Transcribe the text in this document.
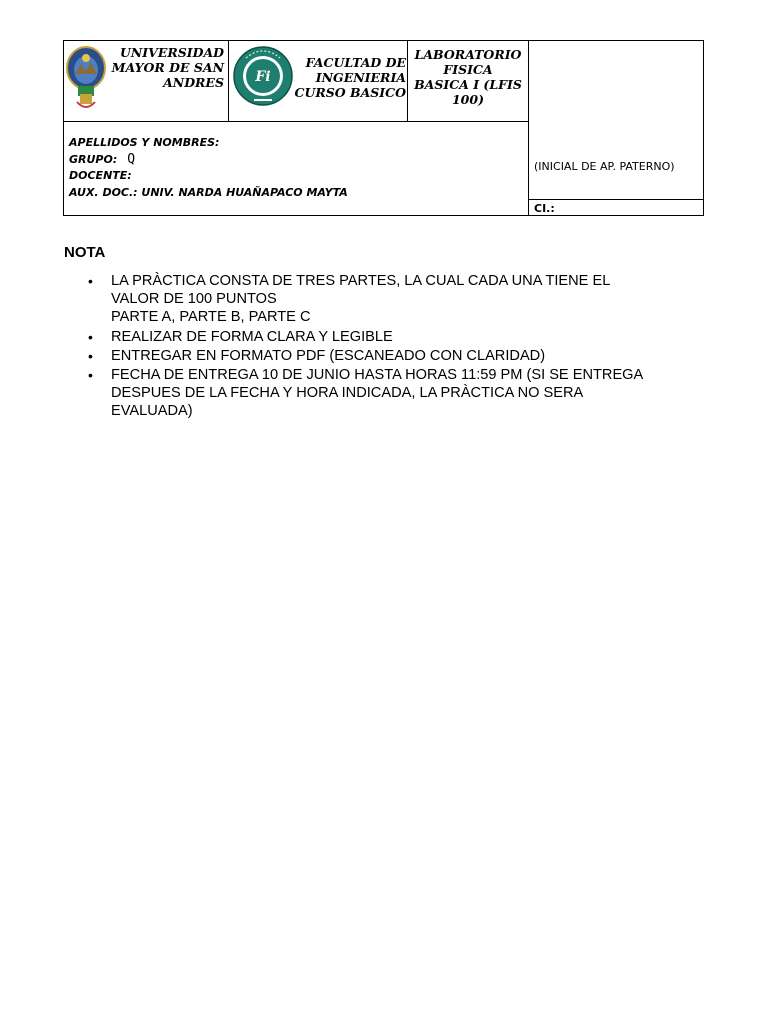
UNIVERSIDAD
MAYOR DE SAN
ANDRES Fi
FACULTAD DE
INGENIERIA
CURSO BASICO
LABORATORIO
FISICA
BASICA I (LFIS
100)
APELLIDOS Y NOMBRES:
GRUPO: Q
DOCENTE:
AUX. DOC.: UNIV. NARDA HUAÑAPACO MAYTA
(INICIAL DE AP. PATERNO)
CI.:
NOTA
• LA PRÀCTICA CONSTA DE TRES PARTES, LA CUAL CADA UNA TIENE EL
VALOR DE 100 PUNTOS
PARTE A, PARTE B, PARTE C
• REALIZAR DE FORMA CLARA Y LEGIBLE
• ENTREGAR EN FORMATO PDF (ESCANEADO CON CLARIDAD)
• FECHA DE ENTREGA 10 DE JUNIO HASTA HORAS 11:59 PM (SI SE ENTREGA
DESPUES DE LA FECHA Y HORA INDICADA, LA PRÀCTICA NO SERA
EVALUADA)
